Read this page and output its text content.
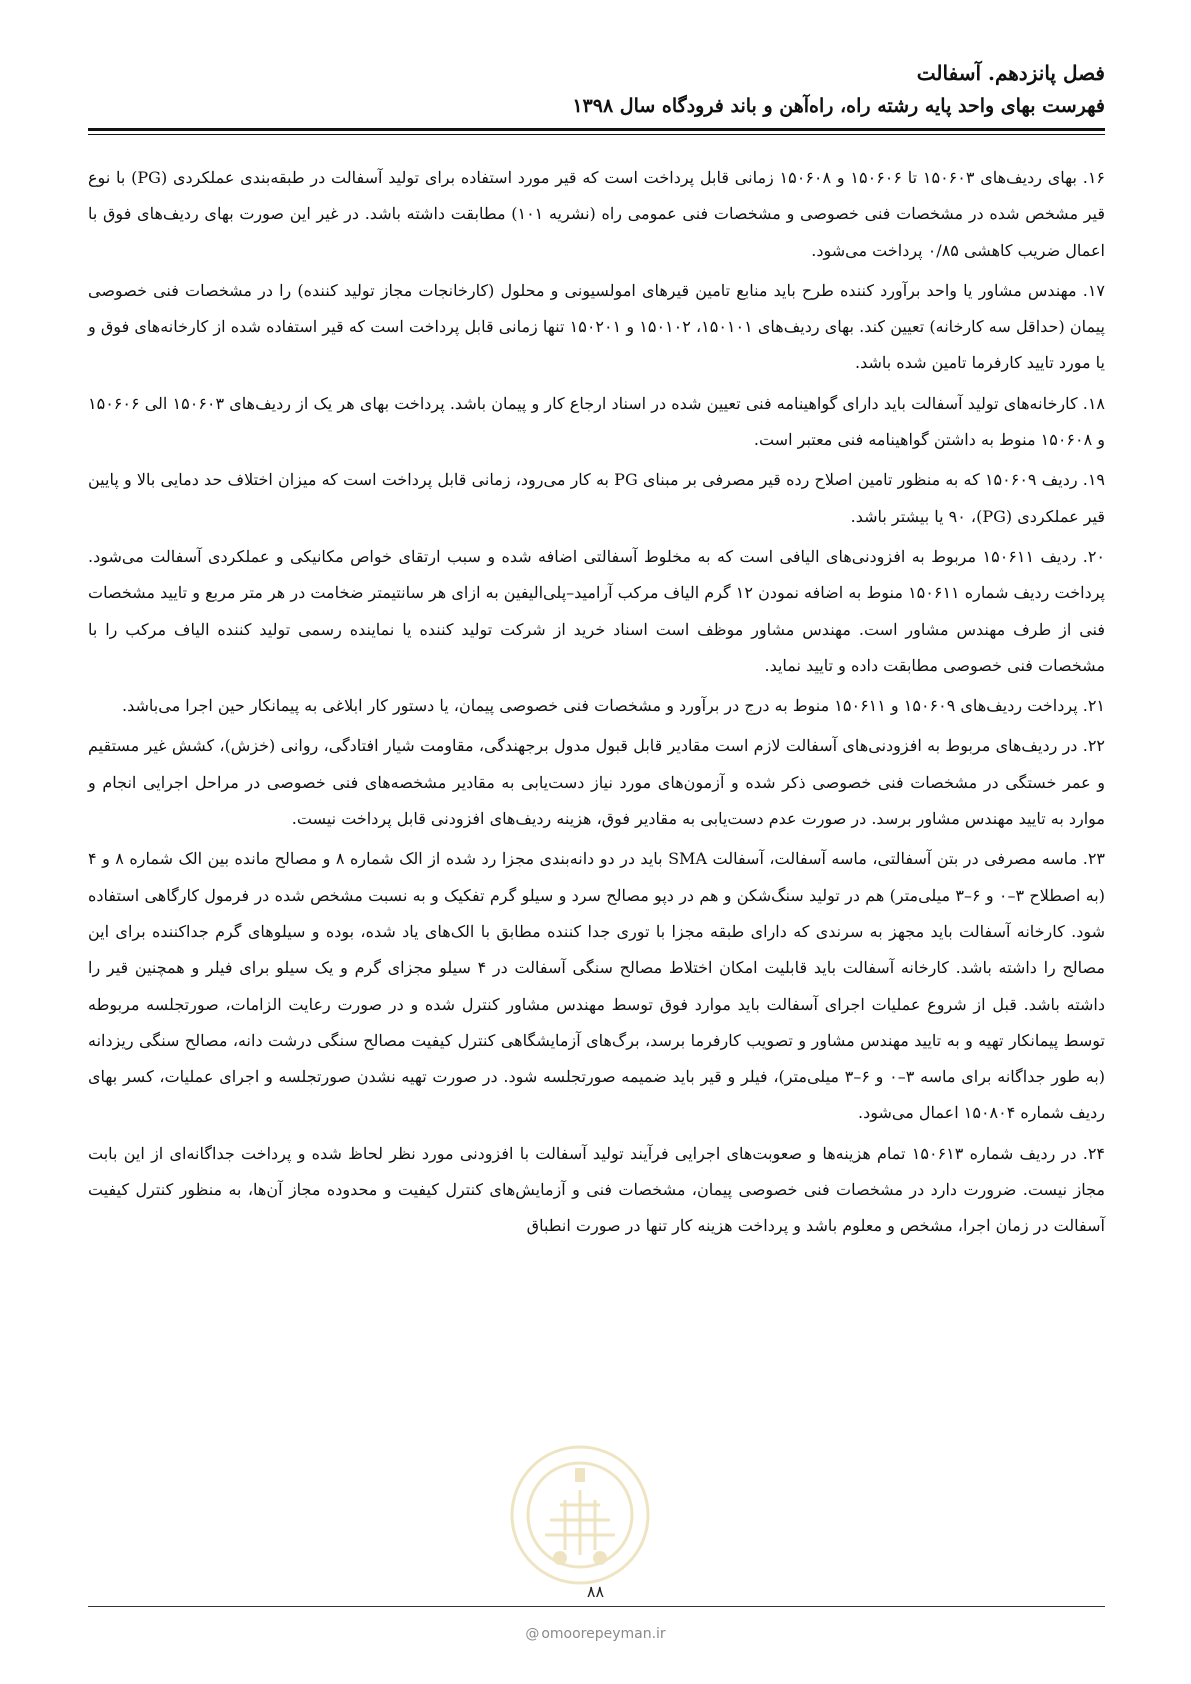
فصل پانزدهم. آسفالت
فهرست بهای واحد پایه رشته راه، راه‌آهن و باند فرودگاه سال ۱۳۹۸

۱۶. بهای ردیف‌های ۱۵۰۶۰۳ تا ۱۵۰۶۰۶ و ۱۵۰۶۰۸ زمانی قابل پرداخت است که قیر مورد استفاده برای تولید آسفالت در طبقه‌بندی عملکردی (PG) با نوع قیر مشخص شده در مشخصات فنی خصوصی و مشخصات فنی عمومی راه (نشریه ۱۰۱) مطابقت داشته باشد. در غیر این صورت بهای ردیف‌های فوق با اعمال ضریب کاهشی ۰/۸۵ پرداخت می‌شود.

۱۷. مهندس مشاور یا واحد برآورد کننده طرح باید منابع تامین قیرهای امولسیونی و محلول (کارخانجات مجاز تولید کننده) را در مشخصات فنی خصوصی پیمان (حداقل سه کارخانه) تعیین کند. بهای ردیف‌های ۱۵۰۱۰۱، ۱۵۰۱۰۲ و ۱۵۰۲۰۱ تنها زمانی قابل پرداخت است که قیر استفاده شده از کارخانه‌های فوق و یا مورد تایید کارفرما تامین شده باشد.

۱۸. کارخانه‌های تولید آسفالت باید دارای گواهینامه فنی تعیین شده در اسناد ارجاع کار و پیمان باشد. پرداخت بهای هر یک از ردیف‌های ۱۵۰۶۰۳ الی ۱۵۰۶۰۶ و ۱۵۰۶۰۸ منوط به داشتن گواهینامه فنی معتبر است.

۱۹. ردیف ۱۵۰۶۰۹ که به منظور تامین اصلاح رده قیر مصرفی بر مبنای PG به کار می‌رود، زمانی قابل پرداخت است که میزان اختلاف حد دمایی بالا و پایین قیر عملکردی (PG)، ۹۰ یا بیشتر باشد.

۲۰. ردیف ۱۵۰۶۱۱ مربوط به افزودنی‌های الیافی است که به مخلوط آسفالتی اضافه شده و سبب ارتقای خواص مکانیکی و عملکردی آسفالت می‌شود. پرداخت ردیف شماره ۱۵۰۶۱۱ منوط به اضافه نمودن ۱۲ گرم الیاف مرکب آرامید–پلی‌الیفین به ازای هر سانتیمتر ضخامت در هر متر مربع و تایید مشخصات فنی از طرف مهندس مشاور است. مهندس مشاور موظف است اسناد خرید از شرکت تولید کننده یا نماینده رسمی تولید کننده الیاف مرکب را با مشخصات فنی خصوصی مطابقت داده و تایید نماید.

۲۱. پرداخت ردیف‌های ۱۵۰۶۰۹ و ۱۵۰۶۱۱ منوط به درج در برآورد و مشخصات فنی خصوصی پیمان، یا دستور کار ابلاغی به پیمانکار حین اجرا می‌باشد.

۲۲. در ردیف‌های مربوط به افزودنی‌های آسفالت لازم است مقادیر قابل قبول مدول برجهندگی، مقاومت شیار افتادگی، روانی (خزش)، کشش غیر مستقیم و عمر خستگی در مشخصات فنی خصوصی ذکر شده و آزمون‌های مورد نیاز دست‌یابی به مقادیر مشخصه‌های فنی خصوصی در مراحل اجرایی انجام و موارد به تایید مهندس مشاور برسد. در صورت عدم دست‌یابی به مقادیر فوق، هزینه ردیف‌های افزودنی قابل پرداخت نیست.

۲۳. ماسه مصرفی در بتن آسفالتی، ماسه آسفالت، آسفالت SMA باید در دو دانه‌بندی مجزا رد شده از الک شماره ۸ و مصالح مانده بین الک شماره ۸ و ۴ (به اصطلاح ۳–۰ و ۶–۳ میلی‌متر) هم در تولید سنگ‌شکن و هم در دپو مصالح سرد و سیلو گرم تفکیک و به نسبت مشخص شده در فرمول کارگاهی استفاده شود. کارخانه آسفالت باید مجهز به سرندی که دارای طبقه مجزا با توری جدا کننده مطابق با الک‌های یاد شده، بوده و سیلوهای گرم جداکننده برای این مصالح را داشته باشد. کارخانه آسفالت باید قابلیت امکان اختلاط مصالح سنگی آسفالت در ۴ سیلو مجزای گرم و یک سیلو برای فیلر و همچنین قیر را داشته باشد. قبل از شروع عملیات اجرای آسفالت باید موارد فوق توسط مهندس مشاور کنترل شده و در صورت رعایت الزامات، صورتجلسه مربوطه توسط پیمانکار تهیه و به تایید مهندس مشاور و تصویب کارفرما برسد، برگ‌های آزمایشگاهی کنترل کیفیت مصالح سنگی درشت دانه، مصالح سنگی ریزدانه (به طور جداگانه برای ماسه ۳–۰ و ۶–۳ میلی‌متر)، فیلر و قیر باید ضمیمه صورتجلسه شود. در صورت تهیه نشدن صورتجلسه و اجرای عملیات، کسر بهای ردیف شماره ۱۵۰۸۰۴ اعمال می‌شود.

۲۴. در ردیف شماره ۱۵۰۶۱۳ تمام هزینه‌ها و صعوبت‌های اجرایی فرآیند تولید آسفالت با افزودنی مورد نظر لحاظ شده و پرداخت جداگانه‌ای از این بابت مجاز نیست. ضرورت دارد در مشخصات فنی خصوصی پیمان، مشخصات فنی و آزمایش‌های کنترل کیفیت و محدوده مجاز آن‌ها، به منظور کنترل کیفیت آسفالت در زمان اجرا، مشخص و معلوم باشد و پرداخت هزینه کار تنها در صورت انطباق

۸۸
@ omoorepeyman.ir
